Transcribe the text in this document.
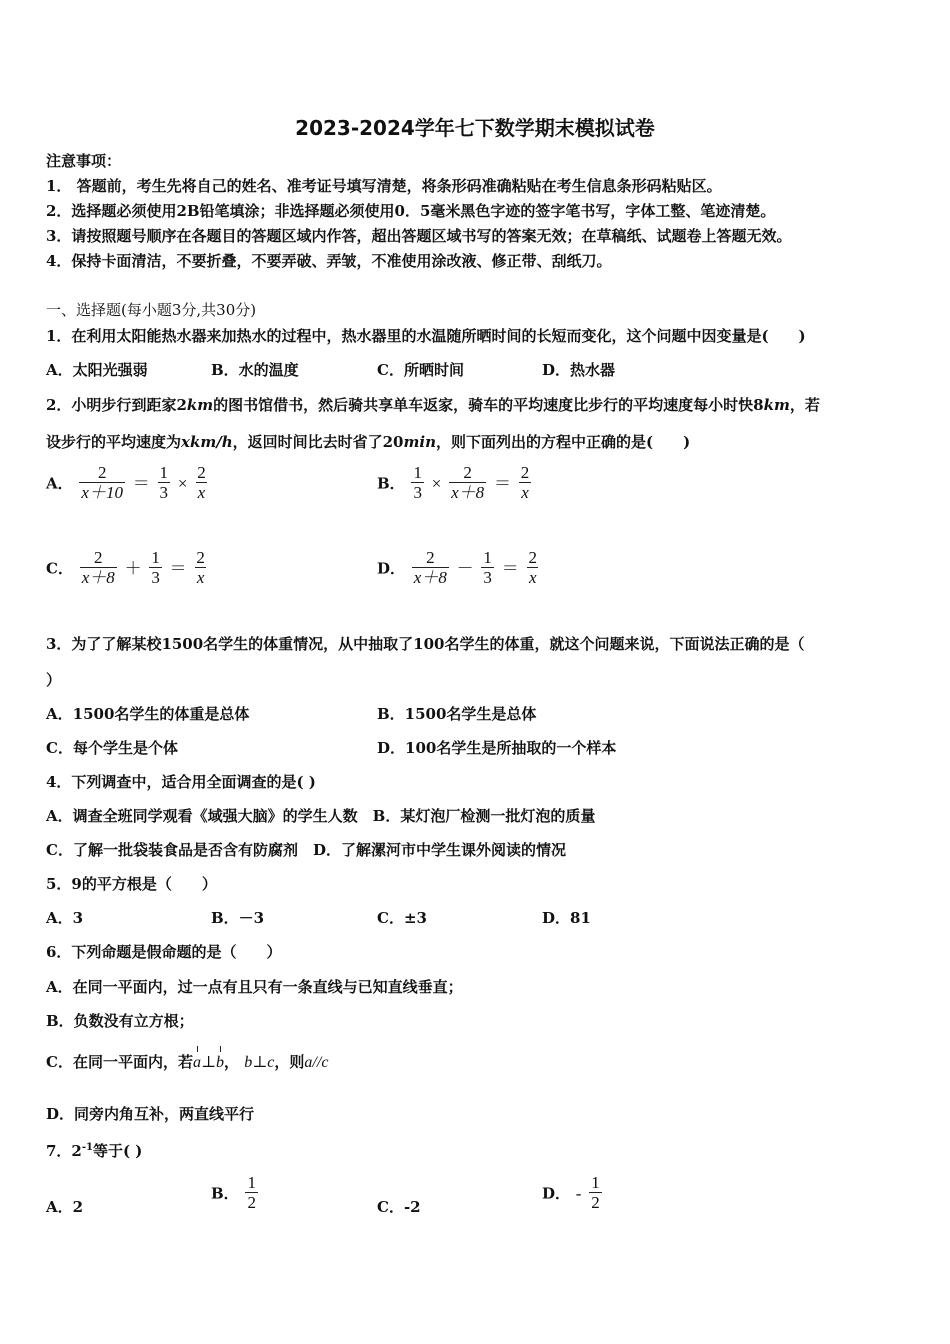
2023-2024学年七下数学期末模拟试卷
注意事项：
1． 答题前，考生先将自己的姓名、准考证号填写清楚，将条形码准确粘贴在考生信息条形码粘贴区。
2．选择题必须使用2B铅笔填涂；非选择题必须使用0．5毫米黑色字迹的签字笔书写，字体工整、笔迹清楚。
3．请按照题号顺序在各题目的答题区域内作答，超出答题区域书写的答案无效；在草稿纸、试题卷上答题无效。
4．保持卡面清洁，不要折叠，不要弄破、弄皱，不准使用涂改液、修正带、刮纸刀。
一、选择题(每小题3分,共30分)
1．在利用太阳能热水器来加热水的过程中，热水器里的水温随所晒时间的长短而变化，这个问题中因变量是(　　)
A．太阳光强弱	B．水的温度	C．所晒时间	D．热水器
2．小明步行到距家2km的图书馆借书，然后骑共享单车返家，骑车的平均速度比步行的平均速度每小时快8km，若
设步行的平均速度为xkm/h，返回时间比去时省了20min，则下面列出的方程中正确的是(　　)
A． $\frac{2}{x+10} = \frac{1}{3} \times \frac{2}{x}$	B． $\frac{1}{3} \times \frac{2}{x+8} = \frac{2}{x}$
C． $\frac{2}{x+8} + \frac{1}{3} = \frac{2}{x}$	D． $\frac{2}{x+8} - \frac{1}{3} = \frac{2}{x}$
3．为了了解某校1500名学生的体重情况，从中抽取了100名学生的体重，就这个问题来说，下面说法正确的是（
）
A．1500名学生的体重是总体	B．1500名学生是总体
C．每个学生是个体	D．100名学生是所抽取的一个样本
4．下列调查中，适合用全面调查的是( )
A．调查全班同学观看《域强大脑》的学生人数　B．某灯泡厂检测一批灯泡的质量
C．了解一批袋装食品是否含有防腐剂　D．了解漯河市中学生课外阅读的情况
5．9的平方根是（　　）
A．3	B．－3	C．±3	D．81
6．下列命题是假命题的是（　　）
A．在同一平面内，过一点有且只有一条直线与已知直线垂直；
B．负数没有立方根；
C．在同一平面内，若a⊥b， b⊥c，则a//c
D．同旁内角互补，两直线平行
7．$2^{-1}$等于( )
A．2
B． $\frac{1}{2}$	C．-2
D． - $\frac{1}{2}$
